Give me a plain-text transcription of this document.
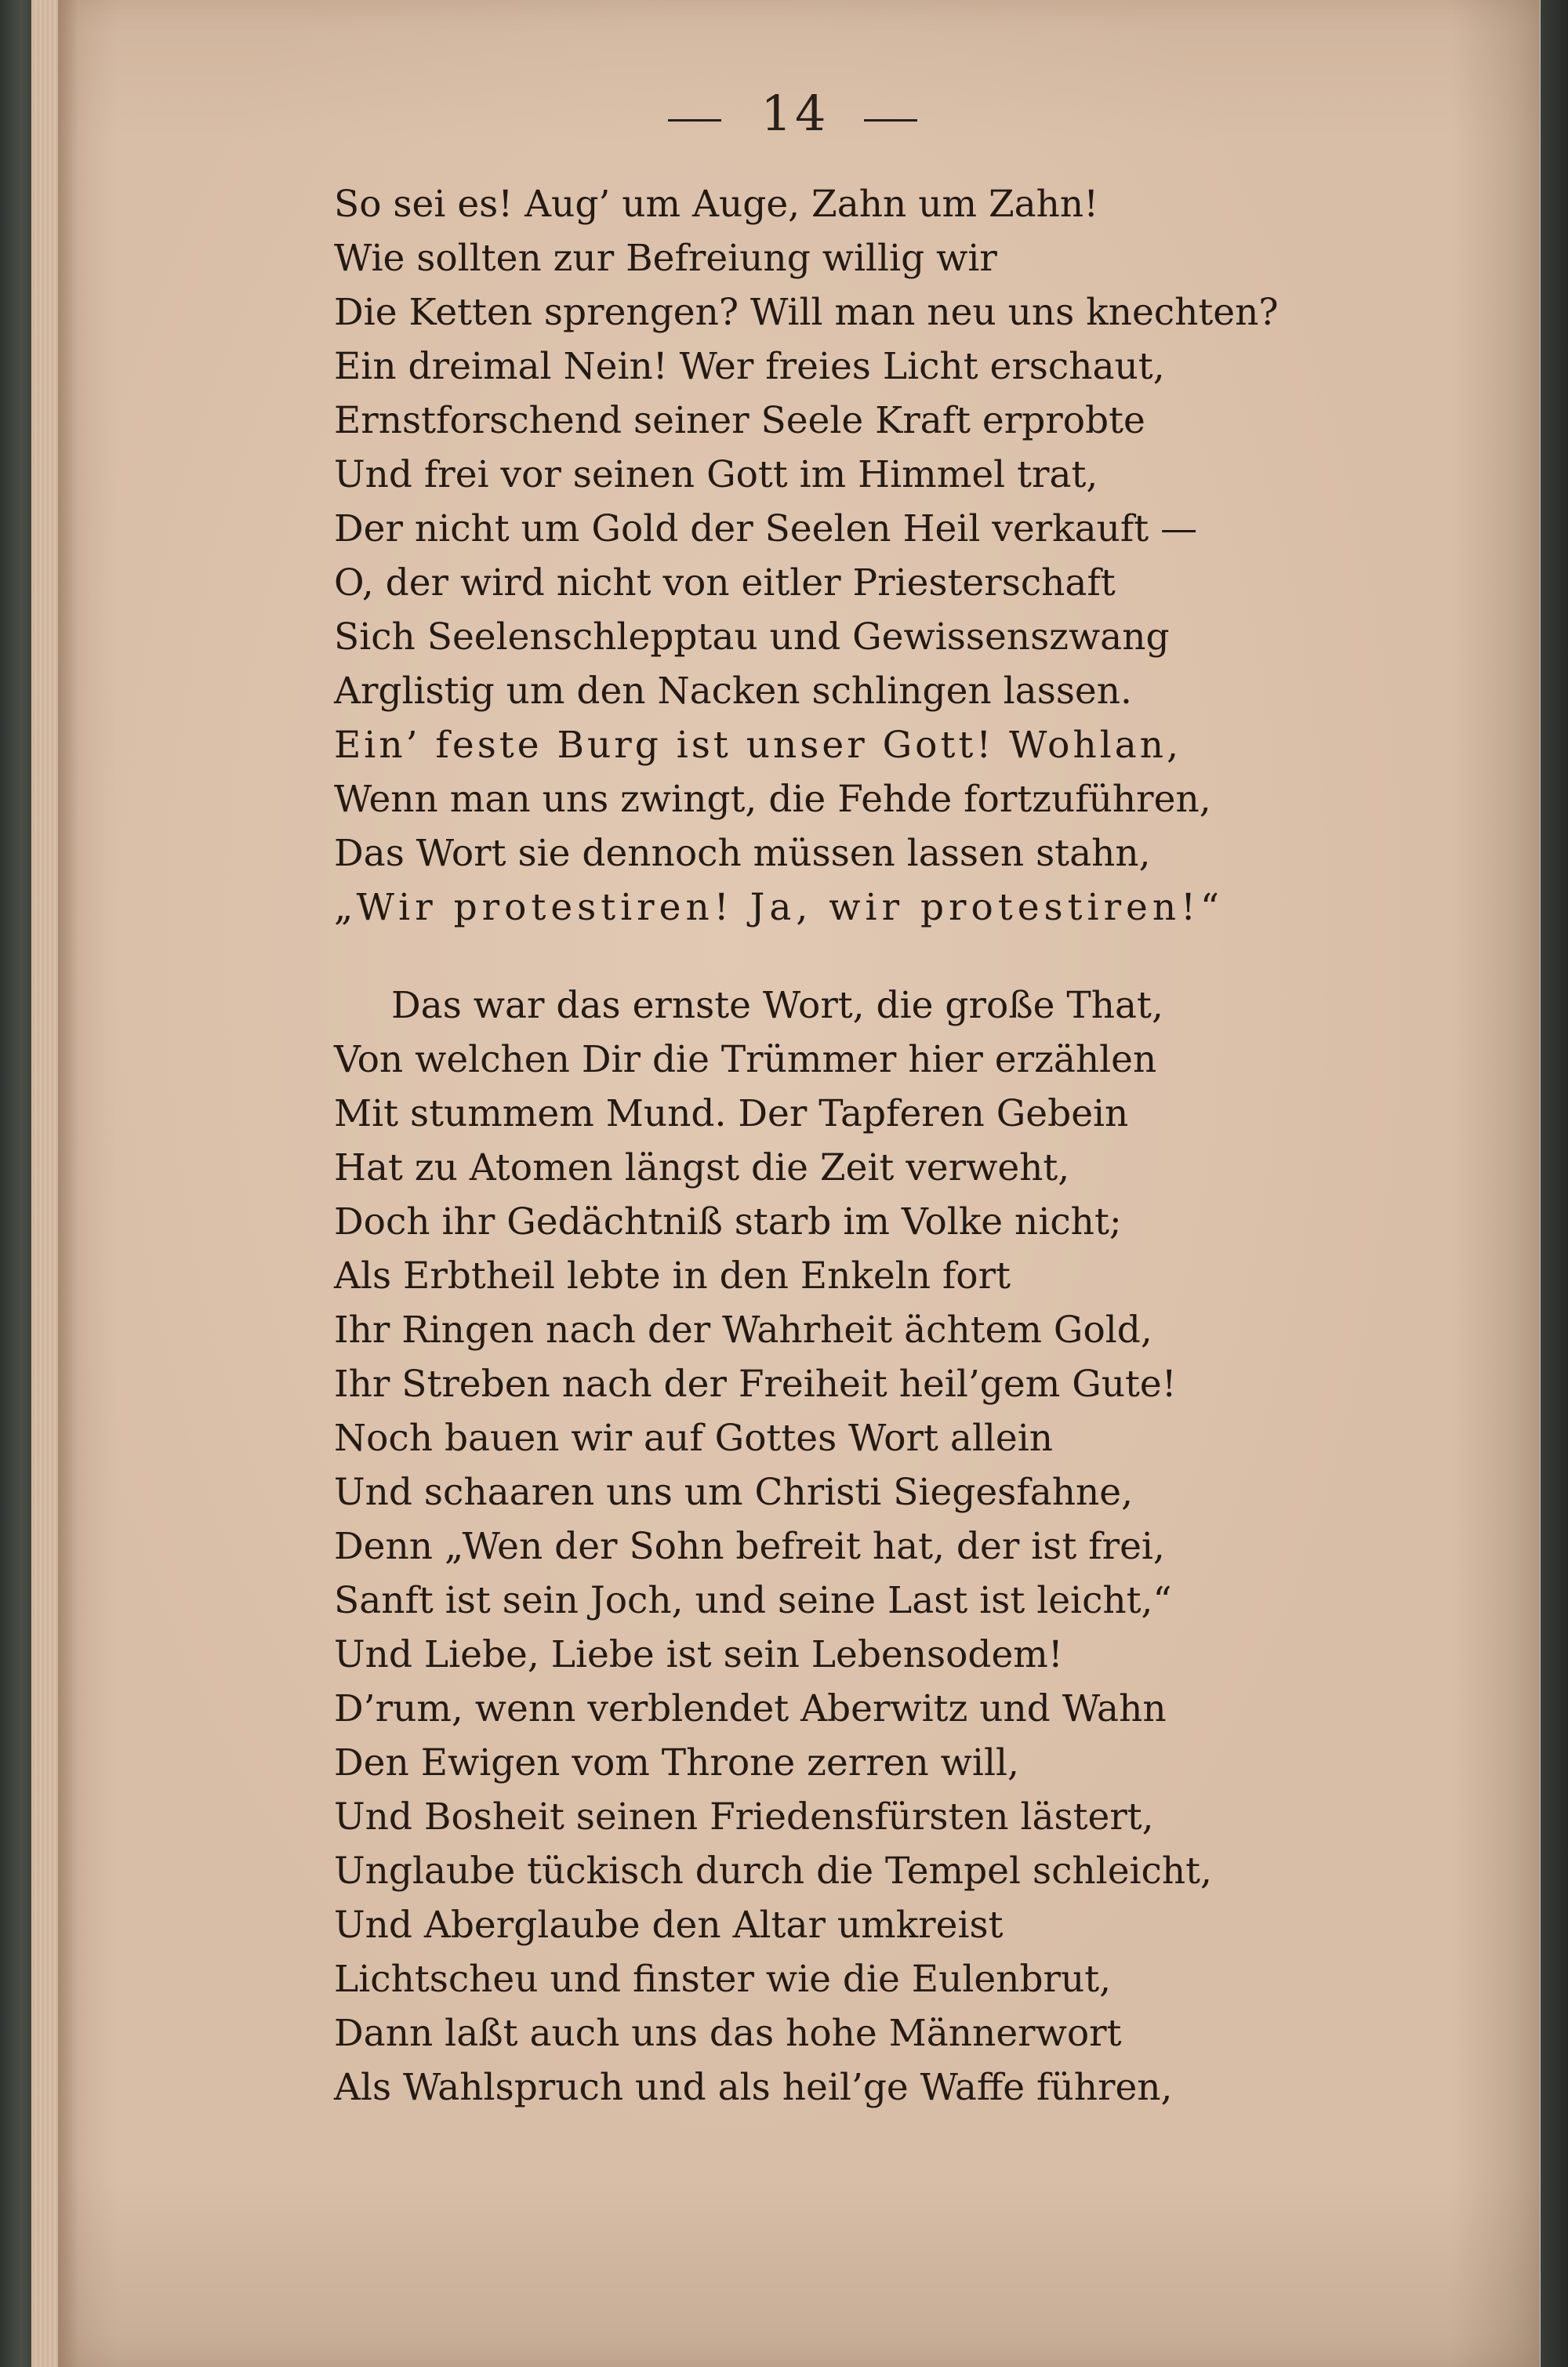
14
So sei es! Aug’ um Auge, Zahn um Zahn!
Wie sollten zur Befreiung willig wir
Die Ketten sprengen? Will man neu uns knechten?
Ein dreimal Nein! Wer freies Licht erschaut,
Ernstforschend seiner Seele Kraft erprobte
Und frei vor seinen Gott im Himmel trat,
Der nicht um Gold der Seelen Heil verkauft —
O, der wird nicht von eitler Priesterschaft
Sich Seelenschlepptau und Gewissenszwang
Arglistig um den Nacken schlingen lassen.
Ein’ feste Burg ist unser Gott! Wohlan,
Wenn man uns zwingt, die Fehde fortzuführen,
Das Wort sie dennoch müssen lassen stahn,
„Wir protestiren! Ja, wir protestiren!“
Das war das ernste Wort, die große That,
Von welchen Dir die Trümmer hier erzählen
Mit stummem Mund. Der Tapferen Gebein
Hat zu Atomen längst die Zeit verweht,
Doch ihr Gedächtniß starb im Volke nicht;
Als Erbtheil lebte in den Enkeln fort
Ihr Ringen nach der Wahrheit ächtem Gold,
Ihr Streben nach der Freiheit heil’gem Gute!
Noch bauen wir auf Gottes Wort allein
Und schaaren uns um Christi Siegesfahne,
Denn „Wen der Sohn befreit hat, der ist frei,
Sanft ist sein Joch, und seine Last ist leicht,“
Und Liebe, Liebe ist sein Lebensodem!
D’rum, wenn verblendet Aberwitz und Wahn
Den Ewigen vom Throne zerren will,
Und Bosheit seinen Friedensfürsten lästert,
Unglaube tückisch durch die Tempel schleicht,
Und Aberglaube den Altar umkreist
Lichtscheu und finster wie die Eulenbrut,
Dann laßt auch uns das hohe Männerwort
Als Wahlspruch und als heil’ge Waffe führen,
